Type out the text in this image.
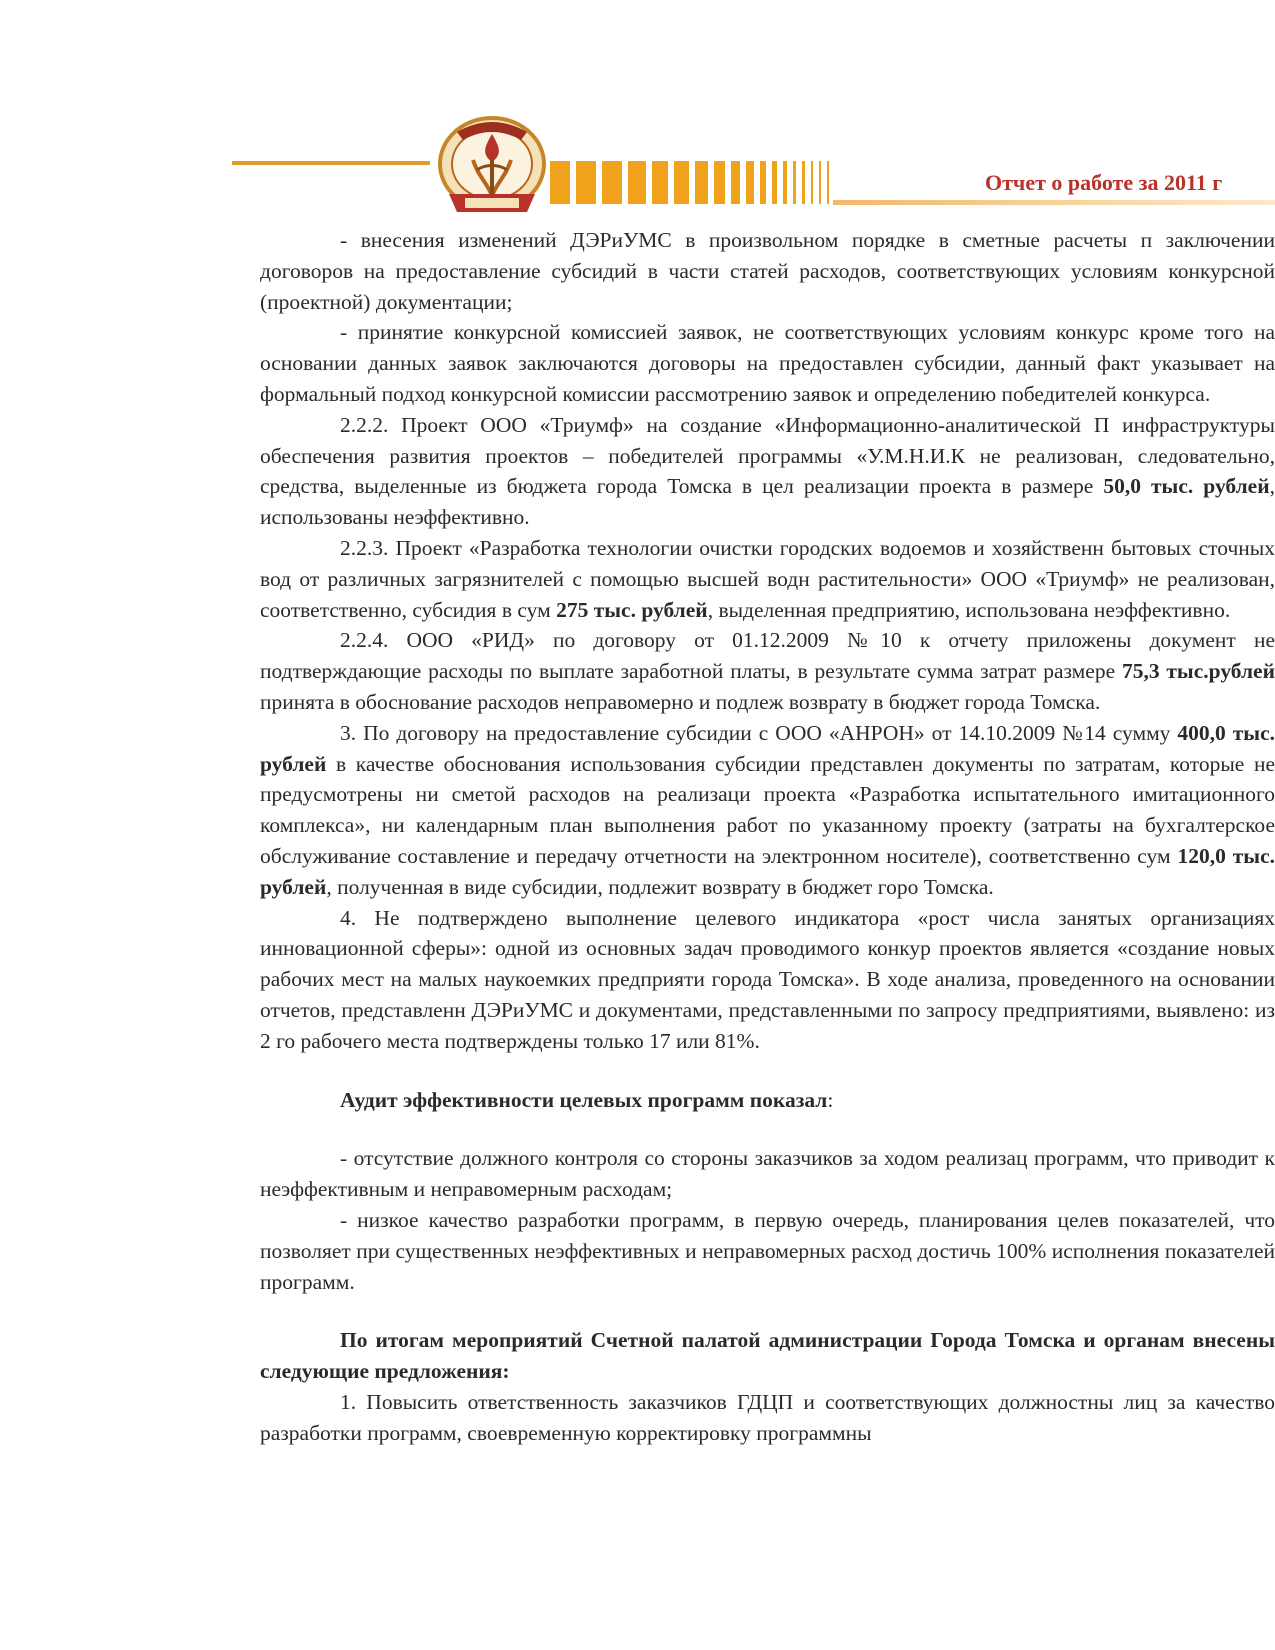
Отчет о работе за 2011 г

- внесения изменений ДЭРиУМС в произвольном порядке в сметные расчеты п заключении договоров на предоставление субсидий в части статей расходов, соответствующих условиям конкурсной (проектной) документации;

- принятие конкурсной комиссией заявок, не соответствующих условиям конкурс кроме того на основании данных заявок заключаются договоры на предоставлен субсидии, данный факт указывает на формальный подход конкурсной комиссии рассмотрению заявок и определению победителей конкурса.

2.2.2. Проект ООО «Триумф» на создание «Информационно-аналитической П инфраструктуры обеспечения развития проектов – победителей программы «У.М.Н.И.К не реализован, следовательно, средства, выделенные из бюджета города Томска в цел реализации проекта в размере 50,0 тыс. рублей, использованы неэффективно.

2.2.3. Проект «Разработка технологии очистки городских водоемов и хозяйственн бытовых сточных вод от различных загрязнителей с помощью высшей водн растительности» ООО «Триумф» не реализован, соответственно, субсидия в сум 275 тыс. рублей, выделенная предприятию, использована неэффективно.

2.2.4. ООО «РИД» по договору от 01.12.2009 №10 к отчету приложены документ не подтверждающие расходы по выплате заработной платы, в результате сумма затрат размере 75,3 тыс.рублей принята в обоснование расходов неправомерно и подлеж возврату в бюджет города Томска.

3. По договору на предоставление субсидии с ООО «АНРОН» от 14.10.2009 №14 сумму 400,0 тыс. рублей в качестве обоснования использования субсидии представлен документы по затратам, которые не предусмотрены ни сметой расходов на реализаци проекта «Разработка испытательного имитационного комплекса», ни календарным план выполнения работ по указанному проекту (затраты на бухгалтерское обслуживание составление и передачу отчетности на электронном носителе), соответственно сум 120,0 тыс. рублей, полученная в виде субсидии, подлежит возврату в бюджет горо Томска.

4. Не подтверждено выполнение целевого индикатора «рост числа занятых организациях инновационной сферы»: одной из основных задач проводимого конкур проектов является «создание новых рабочих мест на малых наукоемких предприяти города Томска». В ходе анализа, проведенного на основании отчетов, представленн ДЭРиУМС и документами, представленными по запросу предприятиями, выявлено: из 2 го рабочего места подтверждены только 17 или 81%.

Аудит эффективности целевых программ показал:

- отсутствие должного контроля со стороны заказчиков за ходом реализац программ, что приводит к неэффективным и неправомерным расходам;

- низкое качество разработки программ, в первую очередь, планирования целев показателей, что позволяет при существенных неэффективных и неправомерных расход достичь 100% исполнения показателей программ.

По итогам мероприятий Счетной палатой администрации Города Томска и органам внесены следующие предложения:

1. Повысить ответственность заказчиков ГДЦП и соответствующих должностны лиц за качество разработки программ, своевременную корректировку программны
